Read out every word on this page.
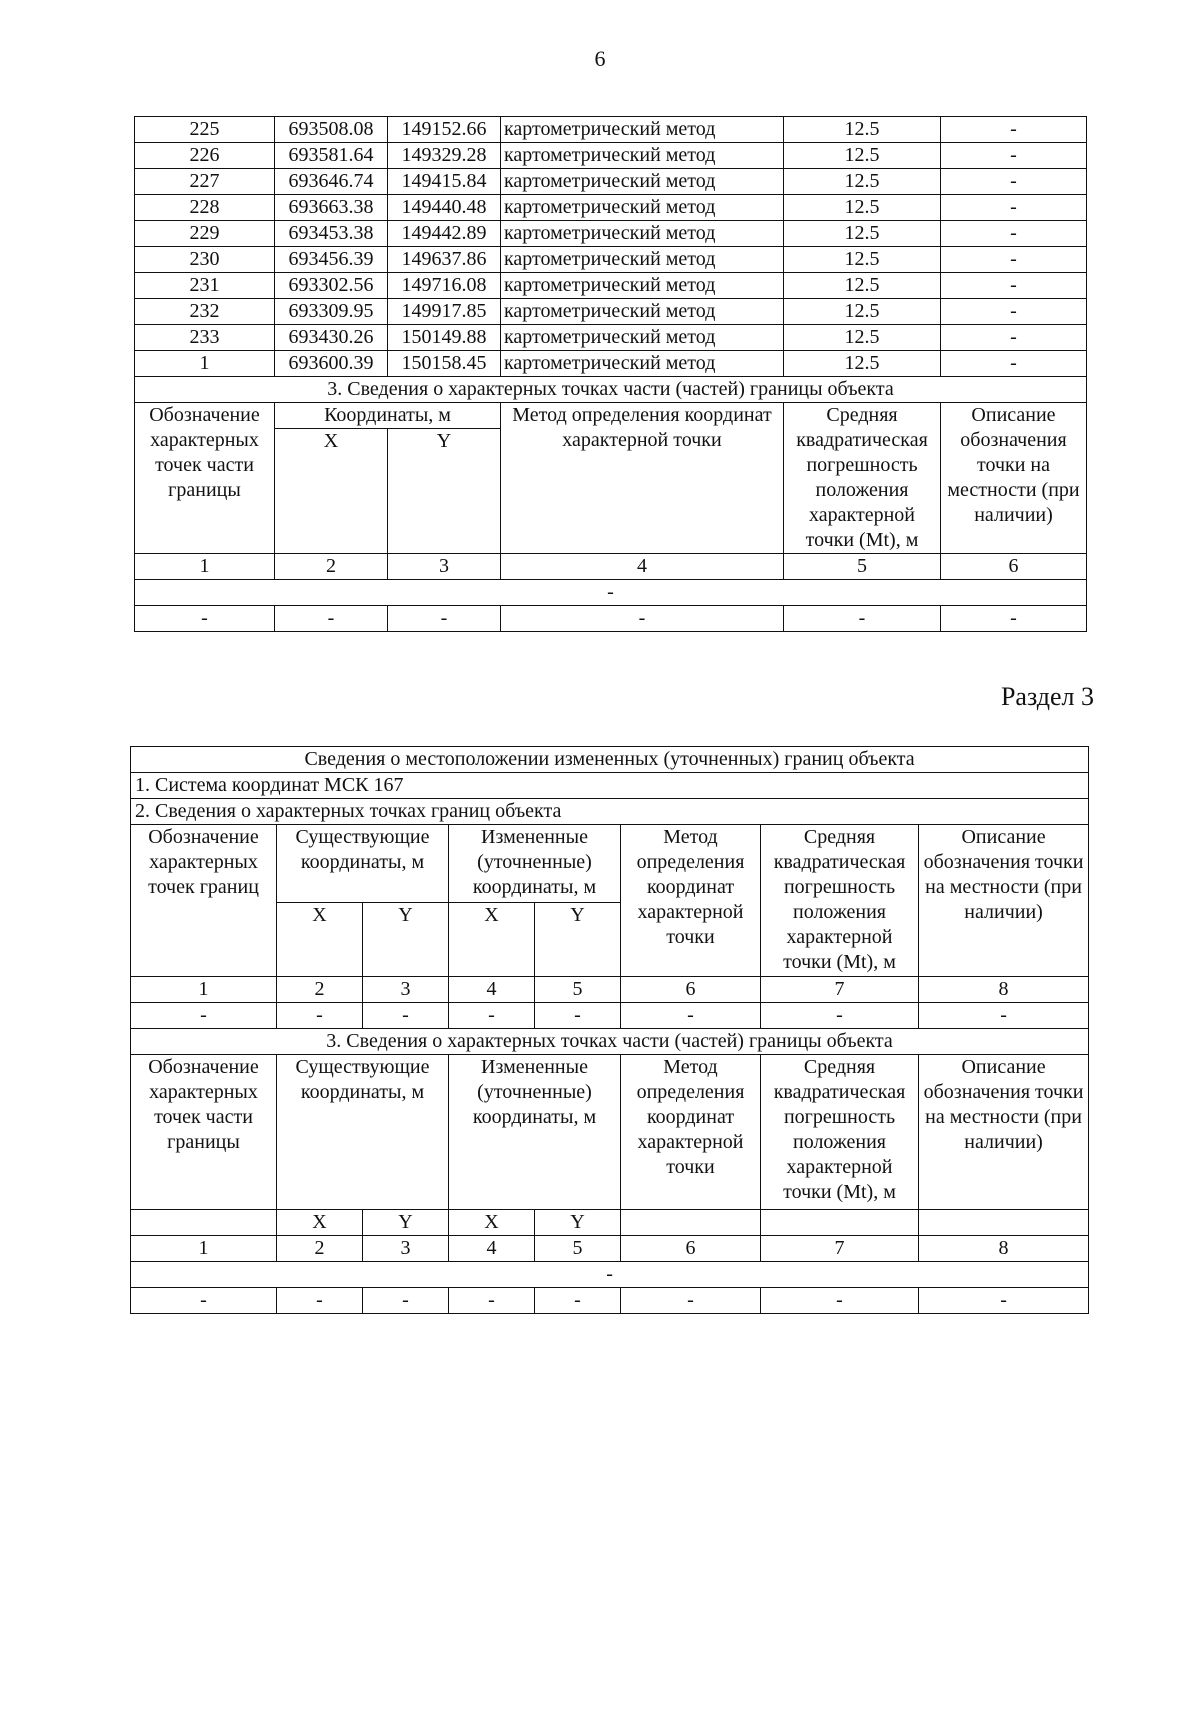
6
225	693508.08	149152.66	картометрический метод	12.5	-
226	693581.64	149329.28	картометрический метод	12.5	-
227	693646.74	149415.84	картометрический метод	12.5	-
228	693663.38	149440.48	картометрический метод	12.5	-
229	693453.38	149442.89	картометрический метод	12.5	-
230	693456.39	149637.86	картометрический метод	12.5	-
231	693302.56	149716.08	картометрический метод	12.5	-
232	693309.95	149917.85	картометрический метод	12.5	-
233	693430.26	150149.88	картометрический метод	12.5	-
1	693600.39	150158.45	картометрический метод	12.5	-
3. Сведения о характерных точках части (частей) границы объекта					
Обозначение характерных точек части границы	Координаты, м		Метод определения координат характерной точки	Средняя квадратическая погрешность положения характерной точки (Mt), м	Описание обозначения точки на местности (при наличии)
	X	Y			
1	2	3	4	5	6
-					
-	-	-	-	-	-
Раздел 3
Сведения о местоположении измененных (уточненных) границ объекта							
1. Система координат МСК 167							
2. Сведения о характерных точках границ объекта							
Обозначение характерных точек границ	Существующие координаты, м		Измененные (уточненные) координаты, м		Метод определения координат характерной точки	Средняя квадратическая погрешность положения характерной точки (Mt), м	Описание обозначения точки на местности (при наличии)
	X	Y	X	Y			
1	2	3	4	5	6	7	8
-	-	-	-	-	-	-	-
3. Сведения о характерных точках части (частей) границы объекта							
Обозначение характерных точек части границы	Существующие координаты, м		Измененные (уточненные) координаты, м		Метод определения координат характерной точки	Средняя квадратическая погрешность положения характерной точки (Mt), м	Описание обозначения точки на местности (при наличии)
	X	Y	X	Y			
1	2	3	4	5	6	7	8
-							
-	-	-	-	-	-	-	-
